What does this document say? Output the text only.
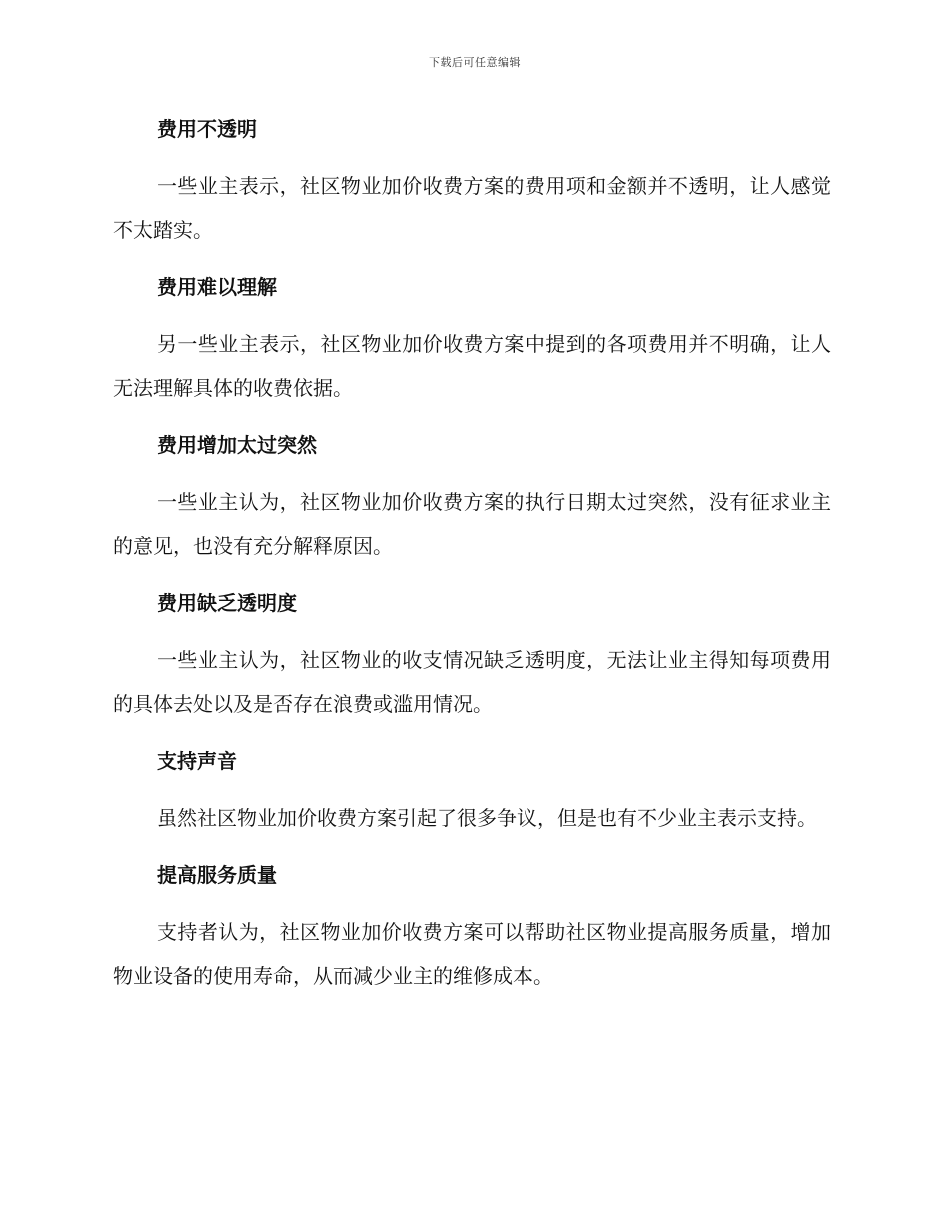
下载后可任意编辑
费用不透明

一些业主表示，社区物业加价收费方案的费用项和金额并不透明，让人感觉不太踏实。

费用难以理解

另一些业主表示，社区物业加价收费方案中提到的各项费用并不明确，让人无法理解具体的收费依据。

费用增加太过突然

一些业主认为，社区物业加价收费方案的执行日期太过突然，没有征求业主的意见，也没有充分解释原因。

费用缺乏透明度

一些业主认为，社区物业的收支情况缺乏透明度，无法让业主得知每项费用的具体去处以及是否存在浪费或滥用情况。

支持声音

虽然社区物业加价收费方案引起了很多争议，但是也有不少业主表示支持。

提高服务质量

支持者认为，社区物业加价收费方案可以帮助社区物业提高服务质量，增加物业设备的使用寿命，从而减少业主的维修成本。
